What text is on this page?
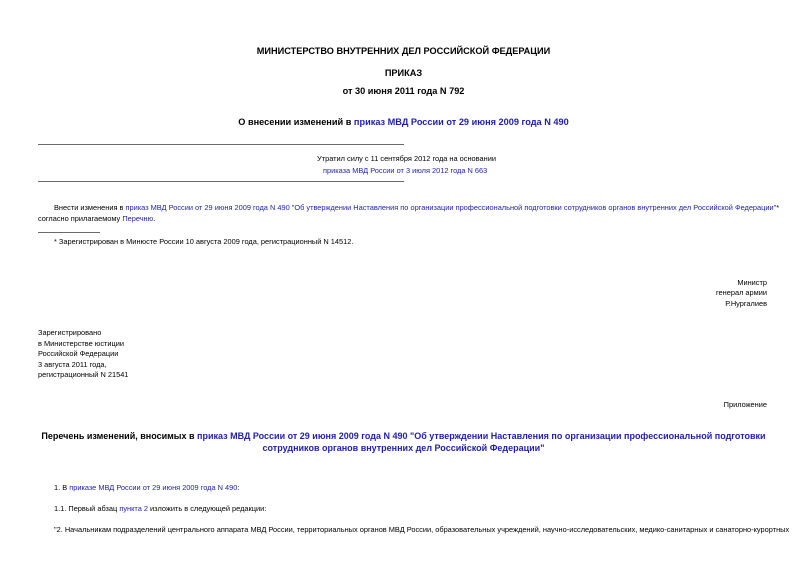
МИНИСТЕРСТВО ВНУТРЕННИХ ДЕЛ РОССИЙСКОЙ ФЕДЕРАЦИИ
ПРИКАЗ
от 30 июня 2011 года N 792
О внесении изменений в приказ МВД России от 29 июня 2009 года N 490
Утратил силу с 11 сентября 2012 года на основании
приказа МВД России от 3 июля 2012 года N 663
Внести изменения в приказ МВД России от 29 июня 2009 года N 490 "Об утверждении Наставления по организации профессиональной подготовки сотрудников органов внутренних дел Российской Федерации"*
согласно прилагаемому Перечню.
* Зарегистрирован в Минюсте России 10 августа 2009 года, регистрационный N 14512.
Министр
генерал армии
Р.Нургалиев
Зарегистрировано
в Министерстве юстиции
Российской Федерации
3 августа 2011 года,
регистрационный N 21541
Приложение
Перечень изменений, вносимых в приказ МВД России от 29 июня 2009 года N 490 "Об утверждении Наставления по организации профессиональной подготовки
сотрудников органов внутренних дел Российской Федерации"
1. В приказе МВД России от 29 июня 2009 года N 490:
1.1. Первый абзац пункта 2 изложить в следующей редакции:
"2. Начальникам подразделений центрального аппарата МВД России, территориальных органов МВД России, образовательных учреждений, научно-исследовательских, медико-санитарных и санаторно-курортных
